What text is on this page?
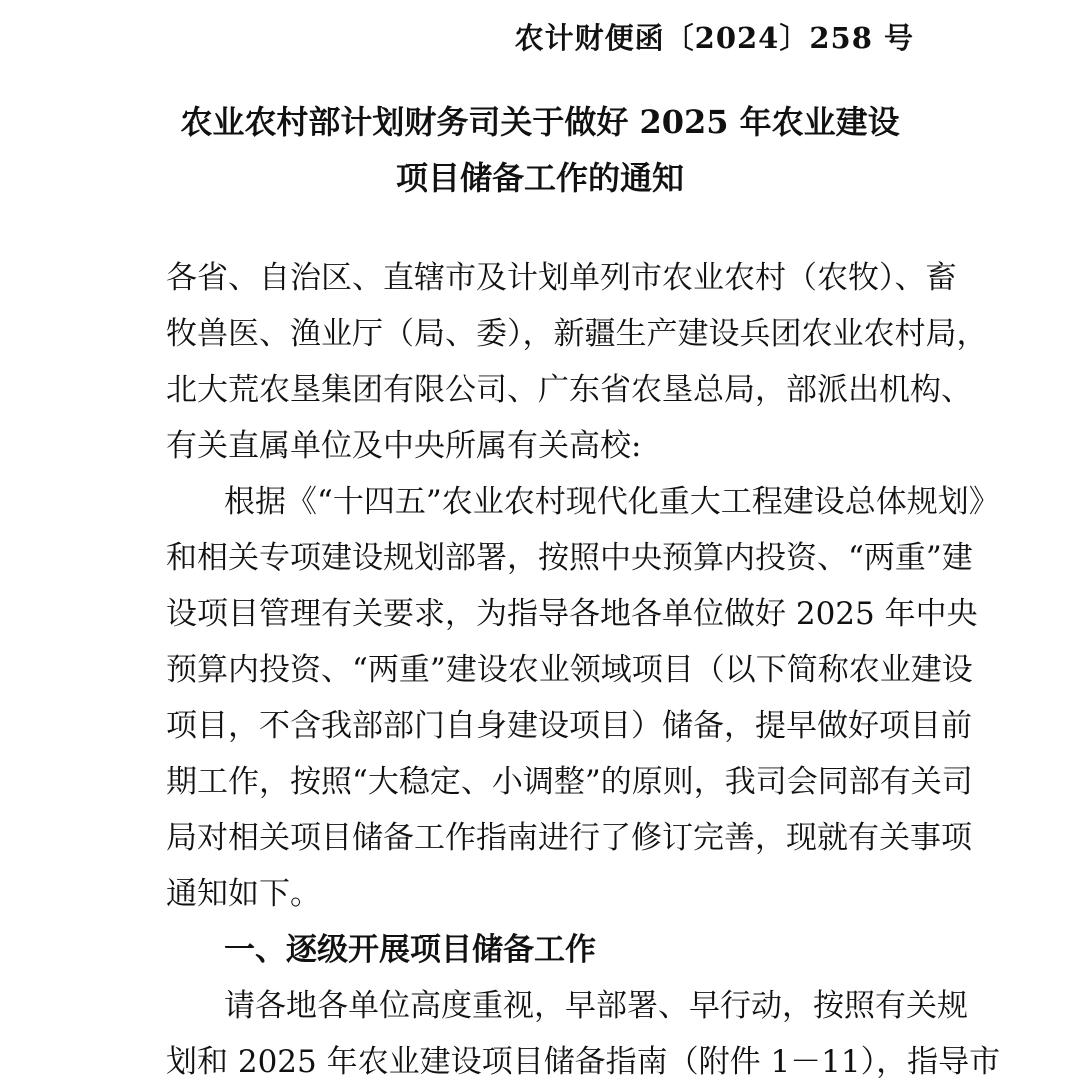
农计财便函〔2024〕258 号
农业农村部计划财务司关于做好 2025 年农业建设
项目储备工作的通知
各省、自治区、直辖市及计划单列市农业农村（农牧）、畜
牧兽医、渔业厅（局、委），新疆生产建设兵团农业农村局，
北大荒农垦集团有限公司、广东省农垦总局，部派出机构、
有关直属单位及中央所属有关高校:
根据《“十四五”农业农村现代化重大工程建设总体规划》
和相关专项建设规划部署，按照中央预算内投资、“两重”建
设项目管理有关要求，为指导各地各单位做好 2025 年中央
预算内投资、“两重”建设农业领域项目（以下简称农业建设
项目，不含我部部门自身建设项目）储备，提早做好项目前
期工作，按照“大稳定、小调整”的原则，我司会同部有关司
局对相关项目储备工作指南进行了修订完善，现就有关事项
通知如下。
一、逐级开展项目储备工作
请各地各单位高度重视，早部署、早行动，按照有关规
划和 2025 年农业建设项目储备指南（附件 1－11），指导市
